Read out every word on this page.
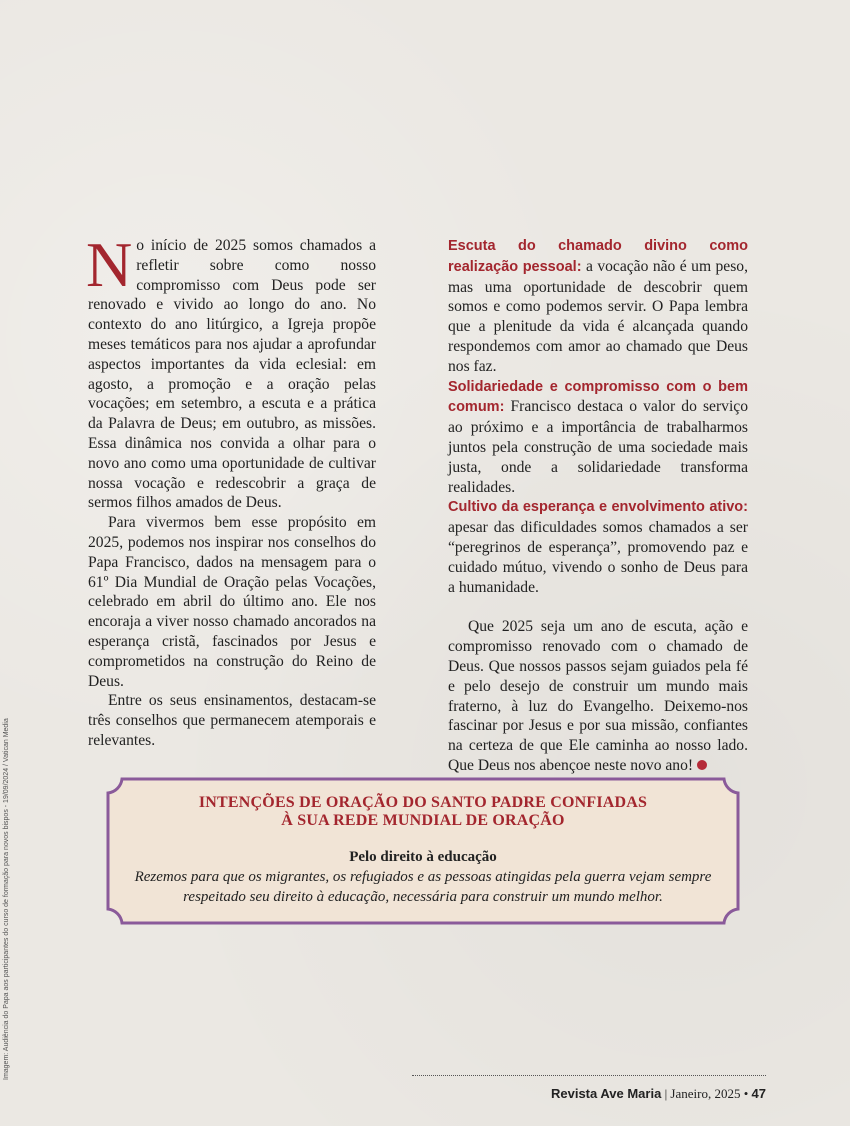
Imagem: Audiência do Papa aos participantes do curso de formação para novos bispos - 19/09/2024 / Vatican Media

No início de 2025 somos chamados a refletir sobre como nosso compromisso com Deus pode ser renovado e vivido ao longo do ano. No contexto do ano litúrgico, a Igreja propõe meses temáticos para nos ajudar a aprofundar aspectos importantes da vida eclesial: em agosto, a promoção e a oração pelas vocações; em setembro, a escuta e a prática da Palavra de Deus; em outubro, as missões. Essa dinâmica nos convida a olhar para o novo ano como uma oportunidade de cultivar nossa vocação e redescobrir a graça de sermos filhos amados de Deus.

Para vivermos bem esse propósito em 2025, podemos nos inspirar nos conselhos do Papa Francisco, dados na mensagem para o 61º Dia Mundial de Oração pelas Vocações, celebrado em abril do último ano. Ele nos encoraja a viver nosso chamado ancorados na esperança cristã, fascinados por Jesus e comprometidos na construção do Reino de Deus.

Entre os seus ensinamentos, destacam-se três conselhos que permanecem atemporais e relevantes.

Escuta do chamado divino como realização pessoal: a vocação não é um peso, mas uma oportunidade de descobrir quem somos e como podemos servir. O Papa lembra que a plenitude da vida é alcançada quando respondemos com amor ao chamado que Deus nos faz.

Solidariedade e compromisso com o bem comum: Francisco destaca o valor do serviço ao próximo e a importância de trabalharmos juntos pela construção de uma sociedade mais justa, onde a solidariedade transforma realidades.

Cultivo da esperança e envolvimento ativo: apesar das dificuldades somos chamados a ser “peregrinos de esperança”, promovendo paz e cuidado mútuo, vivendo o sonho de Deus para a humanidade.

Que 2025 seja um ano de escuta, ação e compromisso renovado com o chamado de Deus. Que nossos passos sejam guiados pela fé e pelo desejo de construir um mundo mais fraterno, à luz do Evangelho. Deixemo-nos fascinar por Jesus e por sua missão, confiantes na certeza de que Ele caminha ao nosso lado. Que Deus nos abençoe neste novo ano!

INTENÇÕES DE ORAÇÃO DO SANTO PADRE CONFIADAS
À SUA REDE MUNDIAL DE ORAÇÃO
Pelo direito à educação
Rezemos para que os migrantes, os refugiados e as pessoas atingidas pela guerra vejam sempre respeitado seu direito à educação, necessária para construir um mundo melhor.
Revista Ave Maria | Janeiro, 2025 • 47
